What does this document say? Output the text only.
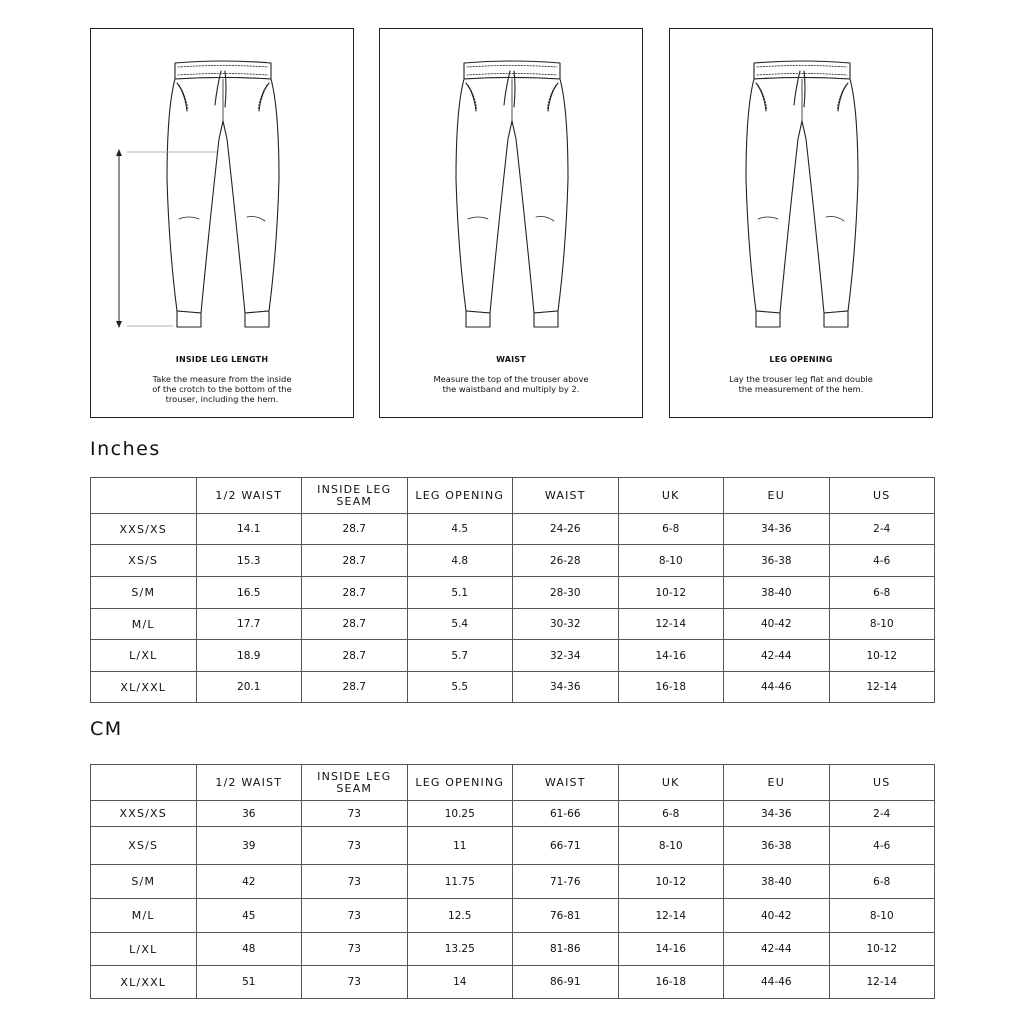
INSIDE LEG LENGTH
Take the measure from the inside
of the crotch to the bottom of the
trouser, including the hem.
WAIST
Measure the top of the trouser above
the waistband and multiply by 2.
LEG OPENING
Lay the trouser leg flat and double
the measurement of the hem.
Inches
	1/2 WAIST	INSIDE LEG SEAM	LEG OPENING	WAIST	UK	EU	US
XXS/XS	14.1	28.7	4.5	24-26	6-8	34-36	2-4
XS/S	15.3	28.7	4.8	26-28	8-10	36-38	4-6
S/M	16.5	28.7	5.1	28-30	10-12	38-40	6-8
M/L	17.7	28.7	5.4	30-32	12-14	40-42	8-10
L/XL	18.9	28.7	5.7	32-34	14-16	42-44	10-12
XL/XXL	20.1	28.7	5.5	34-36	16-18	44-46	12-14
CM
	1/2 WAIST	INSIDE LEG SEAM	LEG OPENING	WAIST	UK	EU	US
XXS/XS	36	73	10.25	61-66	6-8	34-36	2-4
XS/S	39	73	11	66-71	8-10	36-38	4-6
S/M	42	73	11.75	71-76	10-12	38-40	6-8
M/L	45	73	12.5	76-81	12-14	40-42	8-10
L/XL	48	73	13.25	81-86	14-16	42-44	10-12
XL/XXL	51	73	14	86-91	16-18	44-46	12-14
